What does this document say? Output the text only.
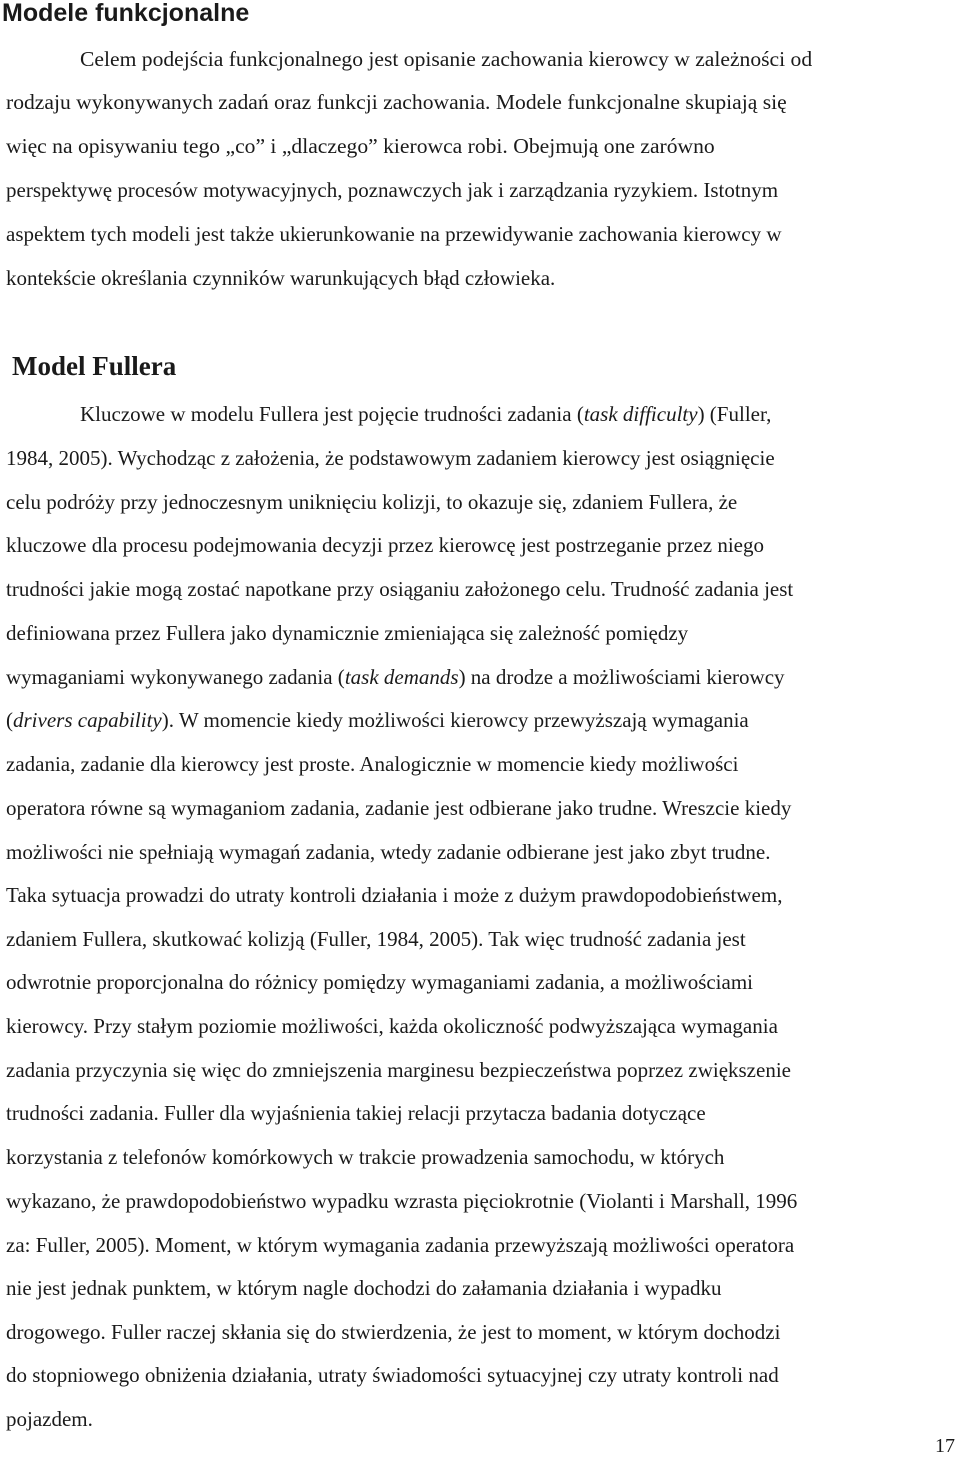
Modele funkcjonalne

Celem podejścia funkcjonalnego jest opisanie zachowania kierowcy w zależności od

rodzaju wykonywanych zadań oraz funkcji zachowania. Modele funkcjonalne skupiają się

więc na opisywaniu tego „co” i „dlaczego” kierowca robi. Obejmują one zarówno

perspektywę procesów motywacyjnych, poznawczych jak i zarządzania ryzykiem. Istotnym

aspektem tych modeli jest także ukierunkowanie na przewidywanie zachowania kierowcy w

kontekście określania czynników warunkujących błąd człowieka.

Model Fullera

Kluczowe w modelu Fullera jest pojęcie trudności zadania (task difficulty) (Fuller,

1984, 2005). Wychodząc z założenia, że podstawowym zadaniem kierowcy jest osiągnięcie

celu podróży przy jednoczesnym uniknięciu kolizji, to okazuje się, zdaniem Fullera, że

kluczowe dla procesu podejmowania decyzji przez kierowcę jest postrzeganie przez niego

trudności jakie mogą zostać napotkane przy osiąganiu założonego celu. Trudność zadania jest

definiowana przez Fullera jako dynamicznie zmieniająca się zależność pomiędzy

wymaganiami wykonywanego zadania (task demands) na drodze a możliwościami kierowcy

(drivers capability). W momencie kiedy możliwości kierowcy przewyższają wymagania

zadania, zadanie dla kierowcy jest proste. Analogicznie w momencie kiedy możliwości

operatora równe są wymaganiom zadania, zadanie jest odbierane jako trudne. Wreszcie kiedy

możliwości nie spełniają wymagań zadania, wtedy zadanie odbierane jest jako zbyt trudne.

Taka sytuacja prowadzi do utraty kontroli działania i może z dużym prawdopodobieństwem,

zdaniem Fullera, skutkować kolizją (Fuller, 1984, 2005). Tak więc trudność zadania jest

odwrotnie proporcjonalna do różnicy pomiędzy wymaganiami zadania, a możliwościami

kierowcy. Przy stałym poziomie możliwości, każda okoliczność podwyższająca wymagania

zadania przyczynia się więc do zmniejszenia marginesu bezpieczeństwa poprzez zwiększenie

trudności zadania. Fuller dla wyjaśnienia takiej relacji przytacza badania dotyczące

korzystania z telefonów komórkowych w trakcie prowadzenia samochodu, w których

wykazano, że prawdopodobieństwo wypadku wzrasta pięciokrotnie (Violanti i Marshall, 1996

za: Fuller, 2005). Moment, w którym wymagania zadania przewyższają możliwości operatora

nie jest jednak punktem, w którym nagle dochodzi do załamania działania i wypadku

drogowego. Fuller raczej skłania się do stwierdzenia, że jest to moment, w którym dochodzi

do stopniowego obniżenia działania, utraty świadomości sytuacyjnej czy utraty kontroli nad

pojazdem.

17
